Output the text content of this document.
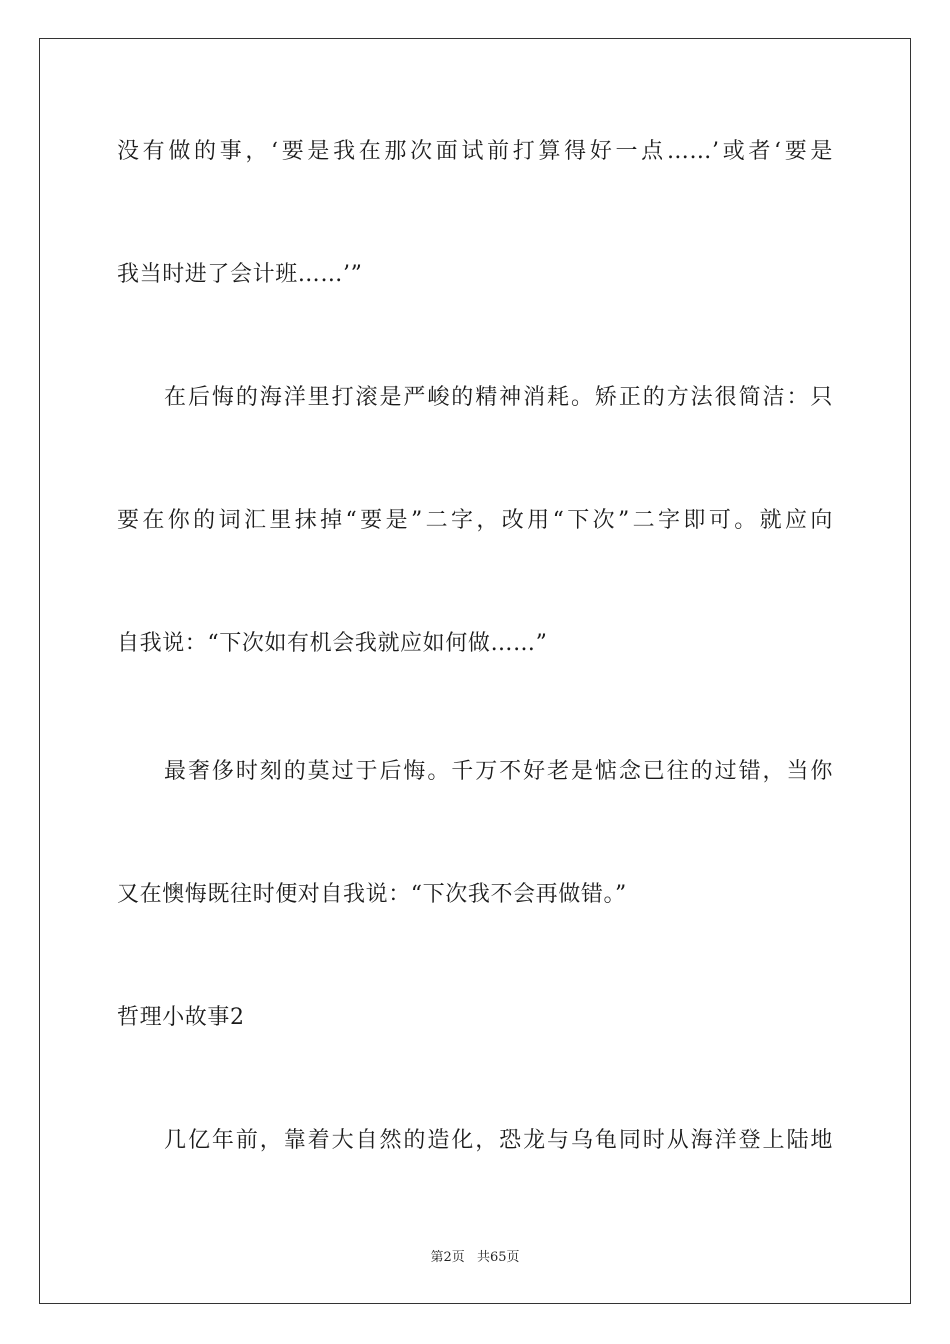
没有做的事，‘要是我在那次面试前打算得好一点……’或者‘要是
我当时进了会计班……’”
在后悔的海洋里打滚是严峻的精神消耗。矫正的方法很简洁：只
要在你的词汇里抹掉“要是”二字，改用“下次”二字即可。就应向
自我说：“下次如有机会我就应如何做……”
最奢侈时刻的莫过于后悔。千万不好老是惦念已往的过错，当你
又在懊悔既往时便对自我说：“下次我不会再做错。”
哲理小故事2
几亿年前，靠着大自然的造化，恐龙与乌龟同时从海洋登上陆地
第2页 共65页
